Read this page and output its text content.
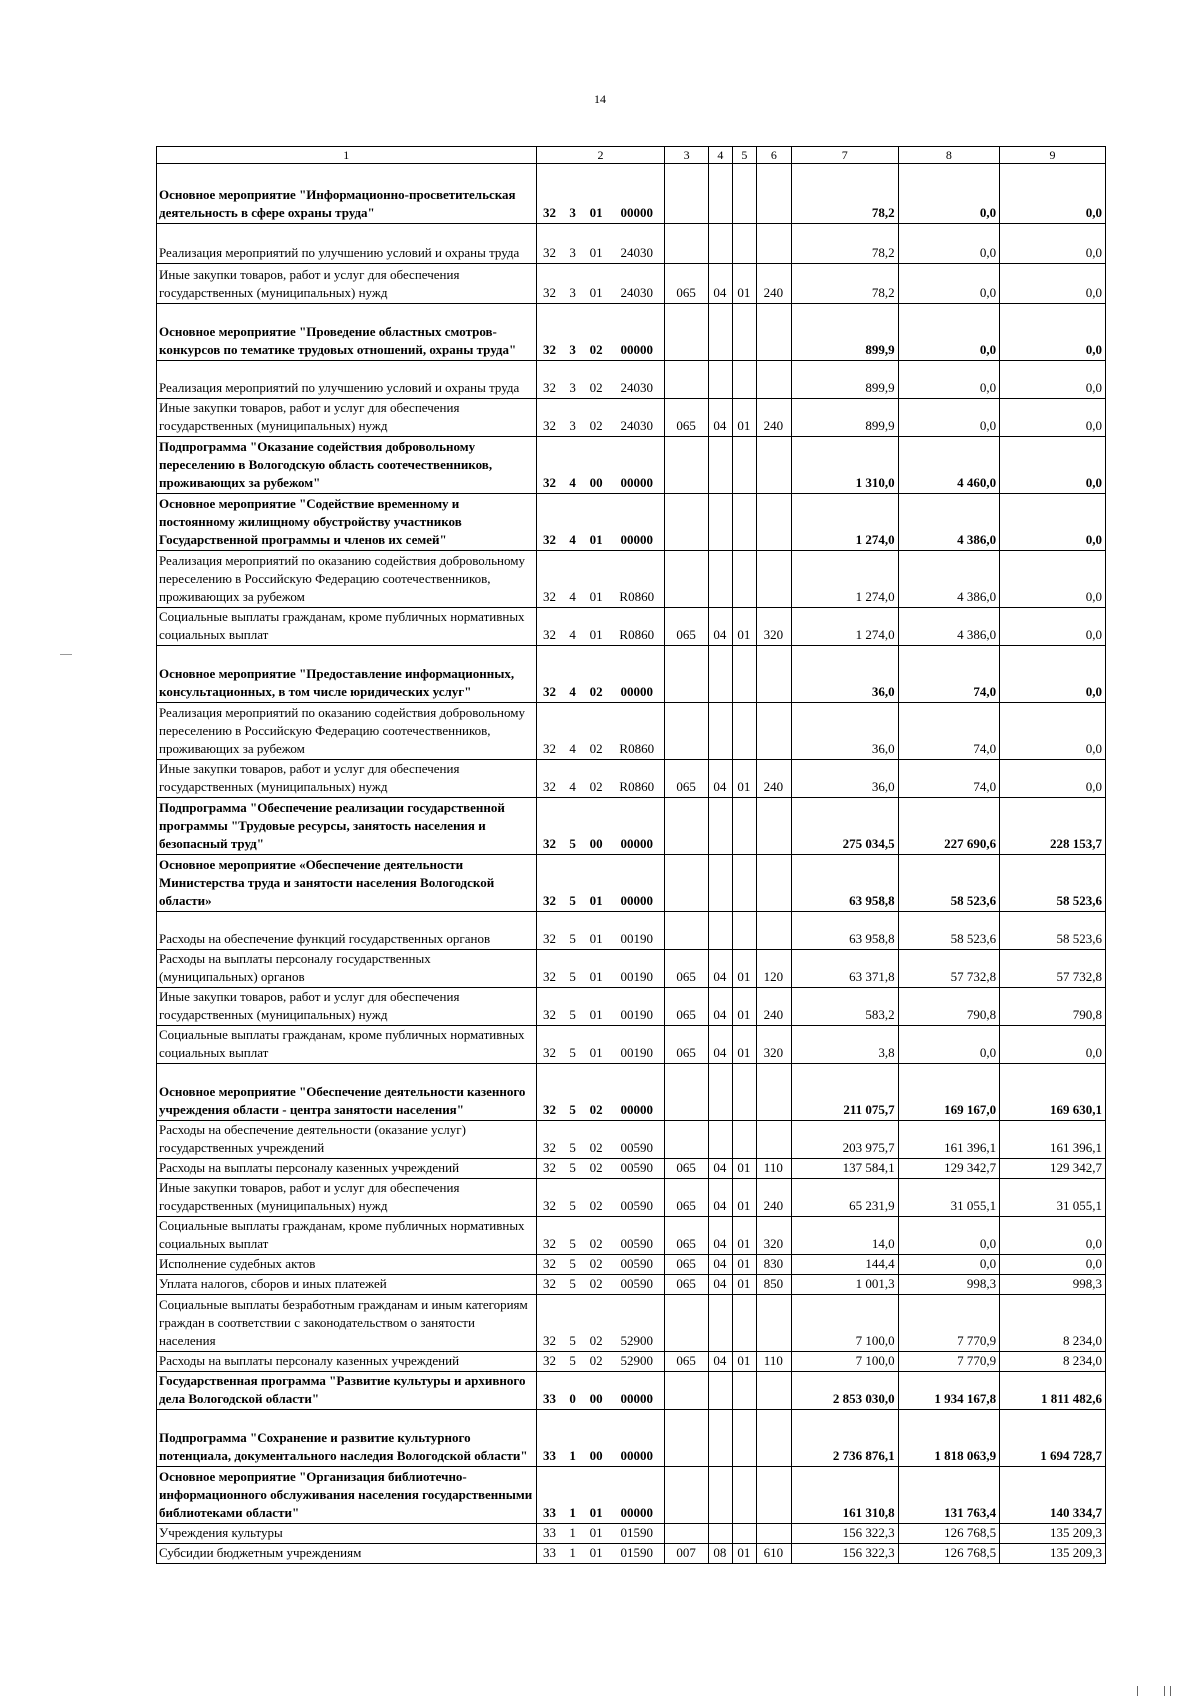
14
1	2				3	4	5	6	7	8	9
Основное мероприятие "Информационно-просветительская деятельность в сфере охраны труда"	32	3	01	00000					78,2	0,0	0,0
Реализация мероприятий по улучшению условий и охраны труда	32	3	01	24030					78,2	0,0	0,0
Иные закупки товаров, работ и услуг для обеспечения государственных (муниципальных) нужд	32	3	01	24030	065	04	01	240	78,2	0,0	0,0
Основное мероприятие "Проведение областных смотров-конкурсов по тематике трудовых отношений, охраны труда"	32	3	02	00000					899,9	0,0	0,0
Реализация мероприятий по улучшению условий и охраны труда	32	3	02	24030					899,9	0,0	0,0
Иные закупки товаров, работ и услуг для обеспечения государственных (муниципальных) нужд	32	3	02	24030	065	04	01	240	899,9	0,0	0,0
Подпрограмма "Оказание содействия добровольному переселению в Вологодскую область соотечественников, проживающих за рубежом"	32	4	00	00000					1 310,0	4 460,0	0,0
Основное мероприятие "Содействие временному и постоянному жилищному обустройству участников Государственной программы и членов их семей"	32	4	01	00000					1 274,0	4 386,0	0,0
Реализация мероприятий по оказанию содействия добровольному переселению в Российскую Федерацию соотечественников, проживающих за рубежом	32	4	01	R0860					1 274,0	4 386,0	0,0
Социальные выплаты гражданам, кроме публичных нормативных социальных выплат	32	4	01	R0860	065	04	01	320	1 274,0	4 386,0	0,0
Основное мероприятие "Предоставление информационных, консультационных, в том числе юридических услуг"	32	4	02	00000					36,0	74,0	0,0
Реализация мероприятий по оказанию содействия добровольному переселению в Российскую Федерацию соотечественников, проживающих за рубежом	32	4	02	R0860					36,0	74,0	0,0
Иные закупки товаров, работ и услуг для обеспечения государственных (муниципальных) нужд	32	4	02	R0860	065	04	01	240	36,0	74,0	0,0
Подпрограмма "Обеспечение реализации государственной программы "Трудовые ресурсы, занятость населения и безопасный труд"	32	5	00	00000					275 034,5	227 690,6	228 153,7
Основное мероприятие «Обеспечение деятельности Министерства труда и занятости населения Вологодской области»	32	5	01	00000					63 958,8	58 523,6	58 523,6
Расходы на обеспечение функций государственных органов	32	5	01	00190					63 958,8	58 523,6	58 523,6
Расходы на выплаты персоналу государственных (муниципальных) органов	32	5	01	00190	065	04	01	120	63 371,8	57 732,8	57 732,8
Иные закупки товаров, работ и услуг для обеспечения государственных (муниципальных) нужд	32	5	01	00190	065	04	01	240	583,2	790,8	790,8
Социальные выплаты гражданам, кроме публичных нормативных социальных выплат	32	5	01	00190	065	04	01	320	3,8	0,0	0,0
Основное мероприятие "Обеспечение деятельности казенного учреждения области - центра занятости населения"	32	5	02	00000					211 075,7	169 167,0	169 630,1
Расходы на обеспечение деятельности (оказание услуг) государственных учреждений	32	5	02	00590					203 975,7	161 396,1	161 396,1
Расходы на выплаты персоналу казенных учреждений	32	5	02	00590	065	04	01	110	137 584,1	129 342,7	129 342,7
Иные закупки товаров, работ и услуг для обеспечения государственных (муниципальных) нужд	32	5	02	00590	065	04	01	240	65 231,9	31 055,1	31 055,1
Социальные выплаты гражданам, кроме публичных нормативных социальных выплат	32	5	02	00590	065	04	01	320	14,0	0,0	0,0
Исполнение судебных актов	32	5	02	00590	065	04	01	830	144,4	0,0	0,0
Уплата налогов, сборов и иных платежей	32	5	02	00590	065	04	01	850	1 001,3	998,3	998,3
Социальные выплаты безработным гражданам и иным категориям граждан в соответствии с законодательством о занятости населения	32	5	02	52900					7 100,0	7 770,9	8 234,0
Расходы на выплаты персоналу казенных учреждений	32	5	02	52900	065	04	01	110	7 100,0	7 770,9	8 234,0
Государственная программа "Развитие культуры и архивного дела Вологодской области"	33	0	00	00000					2 853 030,0	1 934 167,8	1 811 482,6
Подпрограмма "Сохранение и развитие культурного потенциала, документального наследия Вологодской области"	33	1	00	00000					2 736 876,1	1 818 063,9	1 694 728,7
Основное мероприятие "Организация библиотечно-информационного обслуживания населения государственными библиотеками области"	33	1	01	00000					161 310,8	131 763,4	140 334,7
Учреждения культуры	33	1	01	01590					156 322,3	126 768,5	135 209,3
Субсидии бюджетным учреждениям	33	1	01	01590	007	08	01	610	156 322,3	126 768,5	135 209,3
